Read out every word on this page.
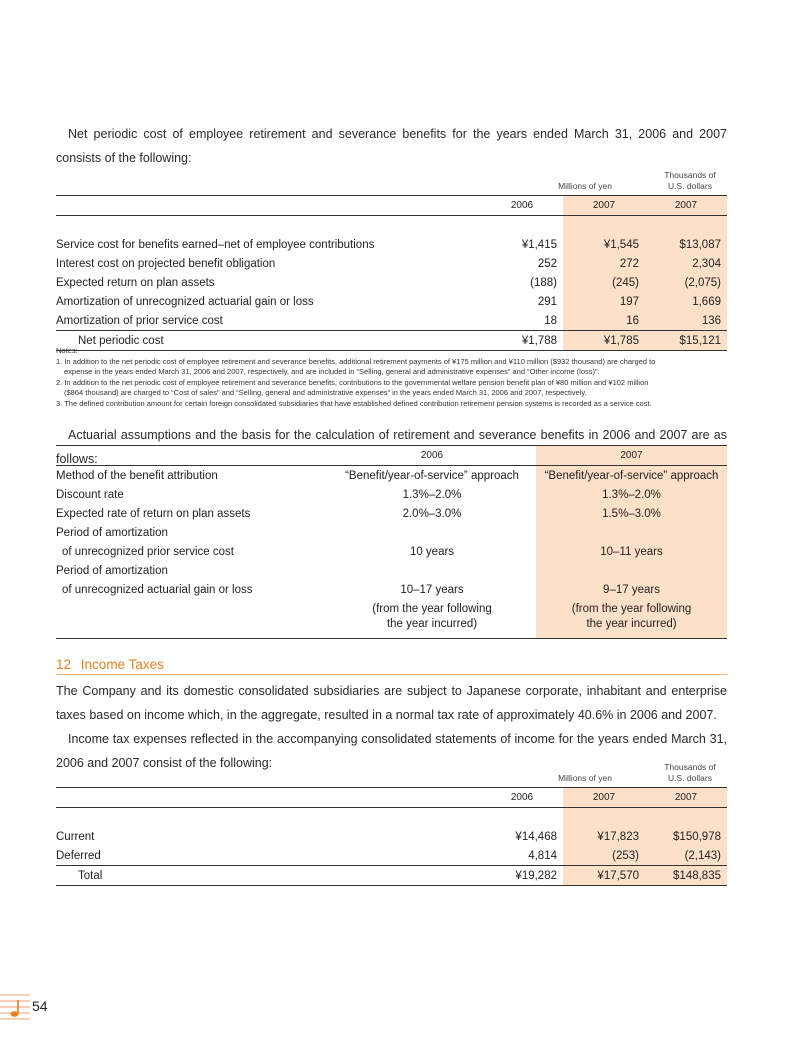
Net periodic cost of employee retirement and severance benefits for the years ended March 31, 2006 and 2007 consists of the following:
Millions of yen
Thousands of
U.S. dollars
	2006	2007	2007

Service cost for benefits earned–net of employee contributions	¥1,415	¥1,545	$13,087
Interest cost on projected benefit obligation	252	272	2,304
Expected return on plan assets	(188)	(245)	(2,075)
Amortization of unrecognized actuarial gain or loss	291	197	1,669
Amortization of prior service cost	18	16	136
Net periodic cost	¥1,788	¥1,785	$15,121

Notes:

1. In addition to the net periodic cost of employee retirement and severance benefits, additional retirement payments of ¥175 million and ¥110 million ($932 thousand) are charged to

expense in the years ended March 31, 2006 and 2007, respectively, and are included in “Selling, general and administrative expenses” and “Other income (loss)”.

2. In addition to the net periodic cost of employee retirement and severance benefits, contributions to the governmental welfare pension benefit plan of ¥80 million and ¥102 million

($864 thousand) are charged to “Cost of sales” and “Selling, general and administrative expenses” in the years ended March 31, 2006 and 2007, respectively.

3. The defined contribution amount for certain foreign consolidated subsidiaries that have established defined contribution retirement pension systems is recorded as a service cost.

Actuarial assumptions and the basis for the calculation of retirement and severance benefits in 2006 and 2007 are as follows:
		2006	2007
Method of the benefit attribution	“Benefit/year-of-service” approach	“Benefit/year-of-service” approach
Discount rate	1.3%–2.0%	1.3%–2.0%
Expected rate of return on plan assets	2.0%–3.0%	1.5%–3.0%
Period of amortization		
of unrecognized prior service cost	10 years	10–11 years
Period of amortization		
of unrecognized actuarial gain or loss	10–17 years	9–17 years
	(from the year following	(from the year following
	the year incurred)	the year incurred)
12 Income Taxes
The Company and its domestic consolidated subsidiaries are subject to Japanese corporate, inhabitant and enterprise taxes based on income which, in the aggregate, resulted in a normal tax rate of approximately 40.6% in 2006 and 2007.
Income tax expenses reflected in the accompanying consolidated statements of income for the years ended March 31, 2006 and 2007 consist of the following:
Millions of yen
Thousands of
U.S. dollars
	2006	2007	2007

Current	¥14,468	¥17,823	$150,978
Deferred	4,814	(253)	(2,143)
Total	¥19,282	¥17,570	$148,835
54
